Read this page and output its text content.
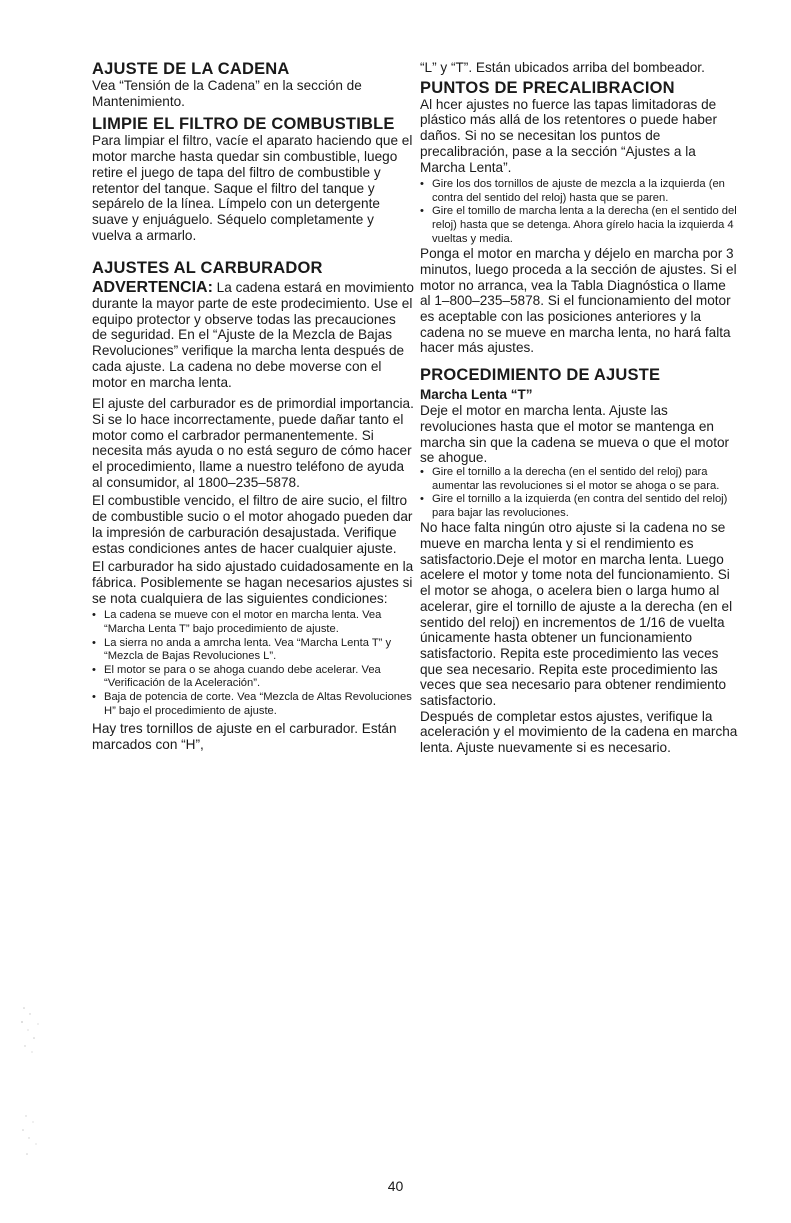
AJUSTE DE LA CADENA

Vea “Tensión de la Cadena” en la sección de Mantenimiento.

LIMPIE EL FILTRO DE COMBUSTIBLE

Para limpiar el filtro, vacíe el aparato haciendo que el motor marche hasta quedar sin combustible, luego retire el juego de tapa del filtro de combustible y retentor del tanque. Saque el filtro del tanque y sepárelo de la línea. Límpelo con un detergente suave y enjuáguelo. Séquelo completamente y vuelva a armarlo.

AJUSTES AL CARBURADOR

ADVERTENCIA: La cadena estará en movimiento durante la mayor parte de este prodecimiento. Use el equipo protector y observe todas las precauciones de seguridad. En el “Ajuste de la Mezcla de Bajas Revoluciones” verifique la marcha lenta después de cada ajuste. La cadena no debe moverse con el motor en marcha lenta.

El ajuste del carburador es de primordial importancia. Si se lo hace incorrectamente, puede dañar tanto el motor como el carbrador permanentemente. Si necesita más ayuda o no está seguro de cómo hacer el procedimiento, llame a nuestro teléfono de ayuda al consumidor, al 1800–235–5878.

El combustible vencido, el filtro de aire sucio, el filtro de combustible sucio o el motor ahogado pueden dar la impresión de carburación desajustada. Verifique estas condiciones antes de hacer cualquier ajuste.

El carburador ha sido ajustado cuidadosamente en la fábrica. Posiblemente se hagan necesarios ajustes si se nota cualquiera de las siguientes condiciones:

• La cadena se mueve con el motor en marcha lenta. Vea “Marcha Lenta T” bajo procedimiento de ajuste.
• La sierra no anda a amrcha lenta. Vea “Marcha Lenta T” y “Mezcla de Bajas Revoluciones L”.
• El motor se para o se ahoga cuando debe acelerar. Vea “Verificación de la Aceleración”.
• Baja de potencia de corte. Vea “Mezcla de Altas Revoluciones H” bajo el procedimiento de ajuste.

Hay tres tornillos de ajuste en el carburador. Están marcados con “H”,

“L” y “T”. Están ubicados arriba del bombeador.

PUNTOS DE PRECALIBRACION

Al hcer ajustes no fuerce las tapas limitadoras de plástico más allá de los retentores o puede haber daños. Si no se necesitan los puntos de precalibración, pase a la sección “Ajustes a la Marcha Lenta”.

• Gire los dos tornillos de ajuste de mezcla a la izquierda (en contra del sentido del reloj) hasta que se paren.
• Gire el tomillo de marcha lenta a la derecha (en el sentido del reloj) hasta que se detenga. Ahora gírelo hacia la izquierda 4 vueltas y media.

Ponga el motor en marcha y déjelo en marcha por 3 minutos, luego proceda a la sección de ajustes. Si el motor no arranca, vea la Tabla Diagnóstica o llame al 1–800–235–5878. Si el funcionamiento del motor es aceptable con las posiciones anteriores y la cadena no se mueve en marcha lenta, no hará falta hacer más ajustes.

PROCEDIMIENTO DE AJUSTE
Marcha Lenta “T”

Deje el motor en marcha lenta. Ajuste las revoluciones hasta que el motor se mantenga en marcha sin que la cadena se mueva o que el motor se ahogue.

• Gire el tornillo a la derecha (en el sentido del reloj) para aumentar las revoluciones si el motor se ahoga o se para.
• Gire el tornillo a la izquierda (en contra del sentido del reloj) para bajar las revoluciones.

No hace falta ningún otro ajuste si la cadena no se mueve en marcha lenta y si el rendimiento es satisfactorio.Deje el motor en marcha lenta. Luego acelere el motor y tome nota del funcionamiento. Si el motor se ahoga, o acelera bien o larga humo al acelerar, gire el tornillo de ajuste a la derecha (en el sentido del reloj) en incrementos de 1/16 de vuelta únicamente hasta obtener un funcionamiento satisfactorio. Repita este procedimiento las veces que sea necesario. Repita este procedimiento las veces que sea necesario para obtener rendimiento satisfactorio.

Después de completar estos ajustes, verifique la aceleración y el movimiento de la cadena en marcha lenta. Ajuste nuevamente si es necesario.

40
